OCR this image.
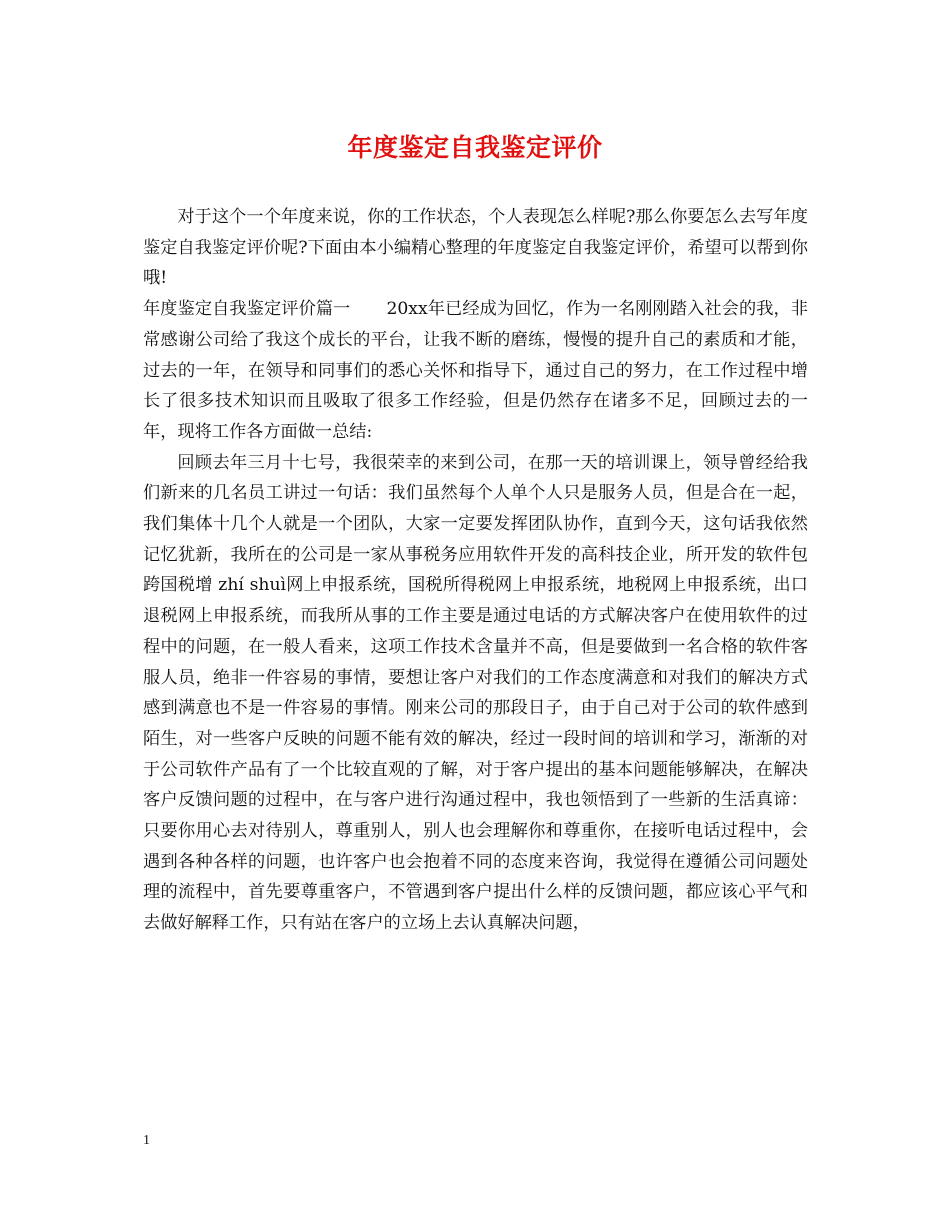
年度鉴定自我鉴定评价

对于这个一个年度来说，你的工作状态，个人表现怎么样呢?那么你要怎么去写年度鉴定自我鉴定评价呢?下面由本小编精心整理的年度鉴定自我鉴定评价，希望可以帮到你哦!

年度鉴定自我鉴定评价篇一 20xx年已经成为回忆，作为一名刚刚踏入社会的我，非常感谢公司给了我这个成长的平台，让我不断的磨练，慢慢的提升自己的素质和才能，过去的一年，在领导和同事们的悉心关怀和指导下，通过自己的努力，在工作过程中增长了很多技术知识而且吸取了很多工作经验，但是仍然存在诸多不足，回顾过去的一年，现将工作各方面做一总结:

回顾去年三月十七号，我很荣幸的来到公司，在那一天的培训课上，领导曾经给我们新来的几名员工讲过一句话：我们虽然每个人单个人只是服务人员，但是合在一起，我们集体十几个人就是一个团队，大家一定要发挥团队协作，直到今天，这句话我依然记忆犹新，我所在的公司是一家从事税务应用软件开发的高科技企业，所开发的软件包跨国税增 zhí shuì网上申报系统，国税所得税网上申报系统，地税网上申报系统，出口退税网上申报系统，而我所从事的工作主要是通过电话的方式解决客户在使用软件的过程中的问题，在一般人看来，这项工作技术含量并不高，但是要做到一名合格的软件客服人员，绝非一件容易的事情，要想让客户对我们的工作态度满意和对我们的解决方式感到满意也不是一件容易的事情。刚来公司的那段日子，由于自己对于公司的软件感到陌生，对一些客户反映的问题不能有效的解决，经过一段时间的培训和学习，渐渐的对于公司软件产品有了一个比较直观的了解，对于客户提出的基本问题能够解决，在解决客户反馈问题的过程中，在与客户进行沟通过程中，我也领悟到了一些新的生活真谛：只要你用心去对待别人，尊重别人，别人也会理解你和尊重你，在接听电话过程中，会遇到各种各样的问题，也许客户也会抱着不同的态度来咨询，我觉得在遵循公司问题处理的流程中，首先要尊重客户，不管遇到客户提出什么样的反馈问题，都应该心平气和去做好解释工作，只有站在客户的立场上去认真解决问题，

1
